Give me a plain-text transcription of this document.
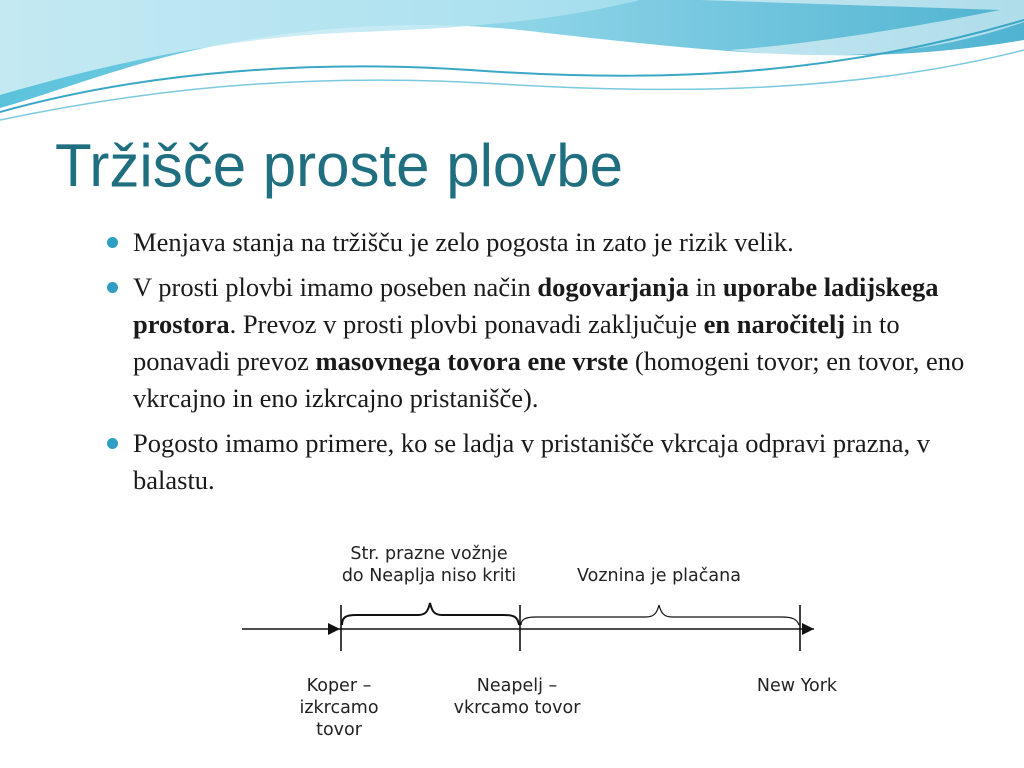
Tržišče proste plovbe
Menjava stanja na tržišču je zelo pogosta in zato je rizik velik.
V prosti plovbi imamo poseben način dogovarjanja in uporabe ladijskega prostora. Prevoz v prosti plovbi ponavadi zaključuje en naročitelj in to ponavadi prevoz masovnega tovora ene vrste (homogeni tovor; en tovor, eno vkrcajno in eno izkrcajno pristanišče).
Pogosto imamo primere, ko se ladja v pristanišče vkrcaja odpravi prazna, v balastu.
Str. prazne vožnje
do Neaplja niso kriti	Voznina je plačana
Koper –
izkrcamo
tovor
Neapelj –
vkrcamo tovor
New York
